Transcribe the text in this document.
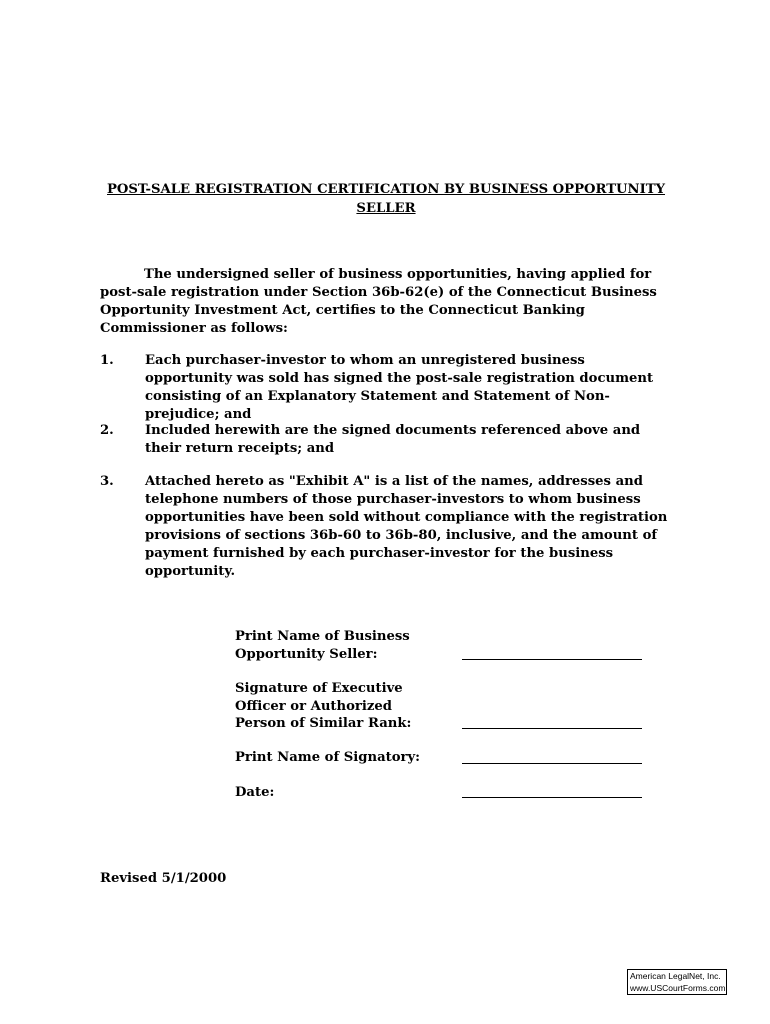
POST-SALE REGISTRATION CERTIFICATION BY BUSINESS OPPORTUNITY
SELLER

The undersigned seller of business opportunities, having applied for post-sale registration under Section 36b-62(e) of the Connecticut Business Opportunity Investment Act, certifies to the Connecticut Banking Commissioner as follows:

1. Each purchaser-investor to whom an unregistered business opportunity was sold has signed the post-sale registration document consisting of an Explanatory Statement and Statement of Non-prejudice; and
2. Included herewith are the signed documents referenced above and their return receipts; and
3. Attached hereto as "Exhibit A" is a list of the names, addresses and telephone numbers of those purchaser-investors to whom business opportunities have been sold without compliance with the registration provisions of sections 36b-60 to 36b-80, inclusive, and the amount of payment furnished by each purchaser-investor for the business opportunity.
Print Name of Business
Opportunity Seller:
Signature of Executive
Officer or Authorized
Person of Similar Rank:
Print Name of Signatory:
Date:
Revised 5/1/2000
American LegalNet, Inc.
www.USCourtForms.com
